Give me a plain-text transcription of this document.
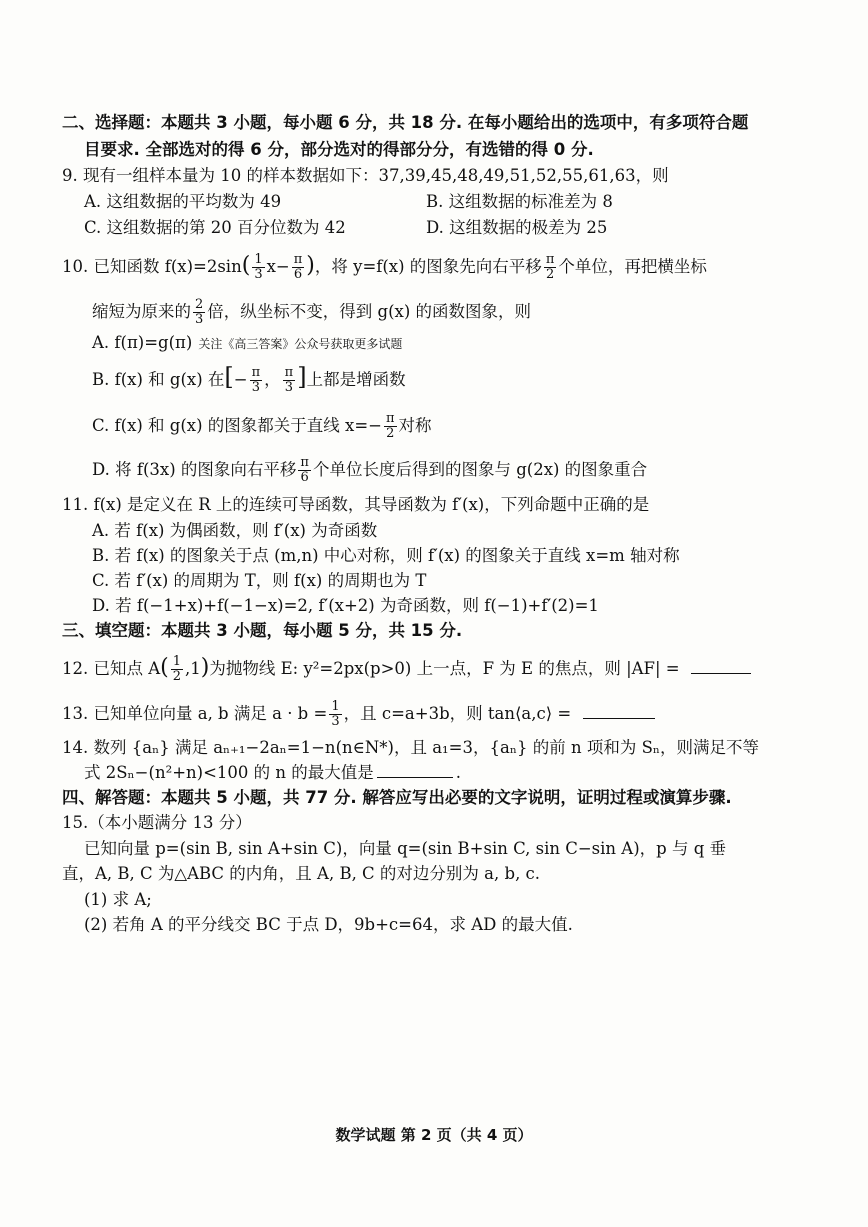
二、选择题：本题共 3 小题，每小题 6 分，共 18 分. 在每小题给出的选项中，有多项符合题
目要求. 全部选对的得 6 分，部分选对的得部分分，有选错的得 0 分.
9. 现有一组样本量为 10 的样本数据如下：37,39,45,48,49,51,52,55,61,63，则
A. 这组数据的平均数为 49	B. 这组数据的标准差为 8
C. 这组数据的第 20 百分位数为 42	D. 这组数据的极差为 25
10. 已知函数 $f(x)=2\sin( \frac{1}{3} x- \frac{\pi}{6}$ )，将 y=f(x) 的图象先向右平移 $\frac{\pi}{2}$ 个单位，再把横坐标
缩短为原来的 $\frac{2}{3}$ 倍，纵坐标不变，得到 g(x) 的函数图象，则
A. f(π)=g(π) 关注《高三答案》公众号获取更多试题
B. f(x) 和 g(x) 在[− $\frac{\pi}{3}$ ， $\frac{\pi}{3}$ ]上都是增函数
C. f(x) 和 g(x) 的图象都关于直线 $x=- \frac{\pi}{2}$ 对称
D. 将 f(3x) 的图象向右平移 $\frac{\pi}{6}$ 个单位长度后得到的图象与 g(2x) 的图象重合
11. f(x) 是定义在 R 上的连续可导函数，其导函数为 f′(x)，下列命题中正确的是
A. 若 f(x) 为偶函数，则 f′(x) 为奇函数
B. 若 f(x) 的图象关于点 (m,n) 中心对称，则 f′(x) 的图象关于直线 x=m 轴对称
C. 若 f′(x) 的周期为 T，则 f(x) 的周期也为 T
D. 若 f(−1+x)+f(−1−x)=2, f′(x+2) 为奇函数，则 f(−1)+f′(2)=1
三、填空题：本题共 3 小题，每小题 5 分，共 15 分.
12. 已知点 $A( \frac{1}{2} ,1)$为抛物线 E: y²=2px(p>0) 上一点，F 为 E 的焦点，则 |AF| =
13. 已知单位向量 a, b 满足 $a \cdot b = \frac{1}{3}$ ，且 c=a+3b，则 tan⟨a,c⟩ =
14. 数列 {aₙ} 满足 aₙ₊₁−2aₙ=1−n(n∈N*)，且 a₁=3，{aₙ} 的前 n 项和为 Sₙ，则满足不等
式 2Sₙ−(n²+n)<100 的 n 的最大值是	.
四、解答题：本题共 5 小题，共 77 分. 解答应写出必要的文字说明，证明过程或演算步骤.
15.（本小题满分 13 分）
已知向量 p=(sin B, sin A+sin C)，向量 q=(sin B+sin C, sin C−sin A)，p 与 q 垂
直，A, B, C 为△ABC 的内角，且 A, B, C 的对边分别为 a, b, c.
(1) 求 A;
(2) 若角 A 的平分线交 BC 于点 D，9b+c=64，求 AD 的最大值.
数学试题 第 2 页（共 4 页）
